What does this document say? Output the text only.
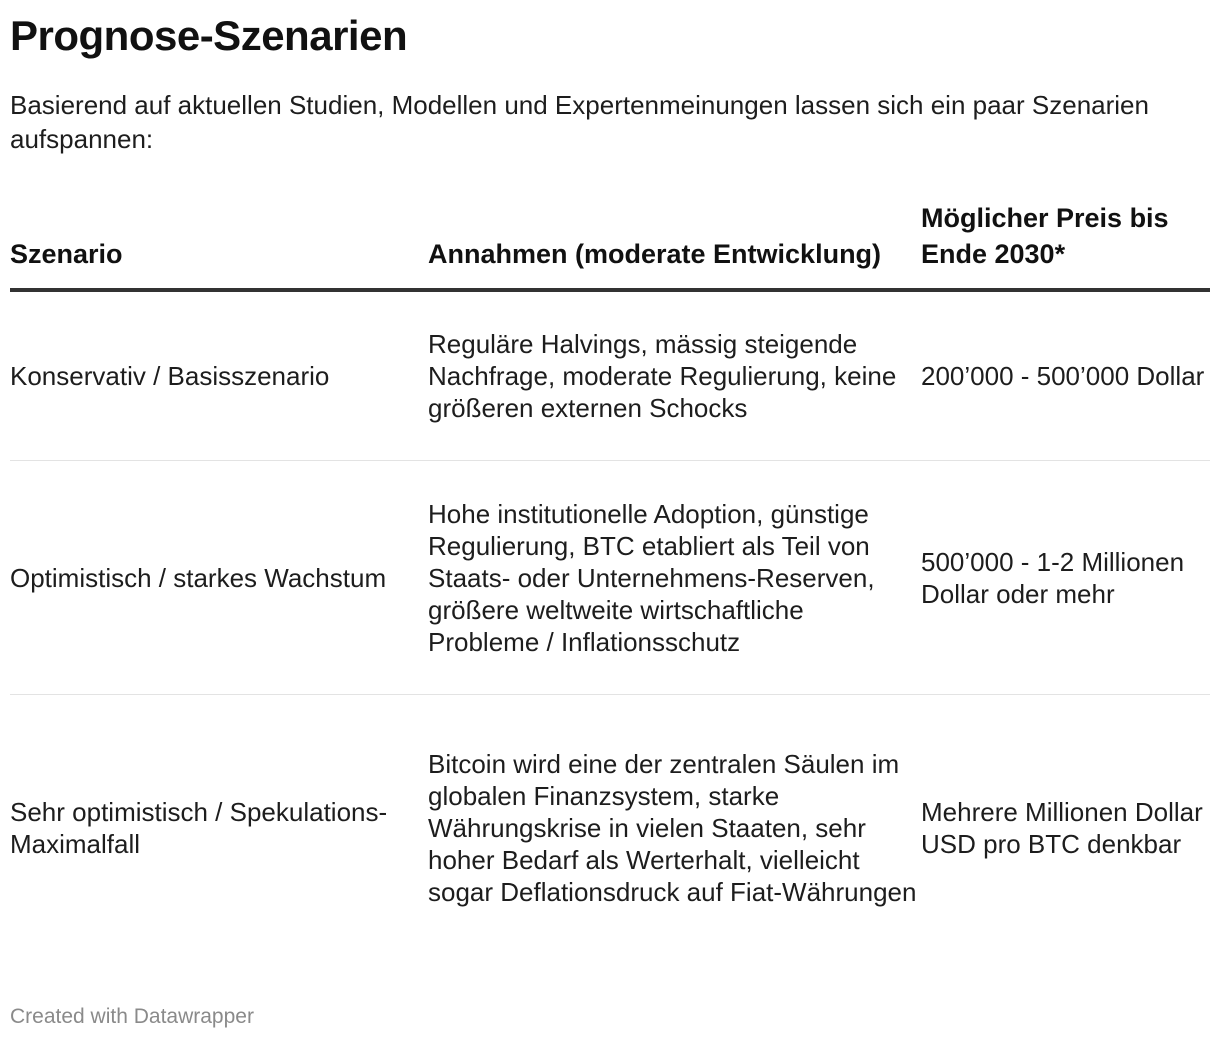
Prognose-Szenarien
Basierend auf aktuellen Studien, Modellen und Expertenmeinungen lassen sich ein paar Szenarien aufspannen:
Szenario	Annahmen (moderate Entwicklung)	Möglicher Preis bis Ende 2030*
Konservativ / Basisszenario	Reguläre Halvings, mässig steigende Nachfrage, moderate Regulierung, keine größeren externen Schocks	200’000 - 500’000 Dollar
Optimistisch / starkes Wachstum	Hohe institutionelle Adoption, günstige Regulierung, BTC etabliert als Teil von Staats- oder Unternehmens-Reserven, größere weltweite wirtschaftliche Probleme / Inflationsschutz	500’000 - 1-2 Millionen Dollar oder mehr
Sehr optimistisch / Spekulations-Maximalfall	Bitcoin wird eine der zentralen Säulen im globalen Finanzsystem, starke Währungskrise in vielen Staaten, sehr hoher Bedarf als Werterhalt, vielleicht sogar Deflationsdruck auf Fiat-Währungen	Mehrere Millionen Dollar USD pro BTC denkbar
Created with Datawrapper
